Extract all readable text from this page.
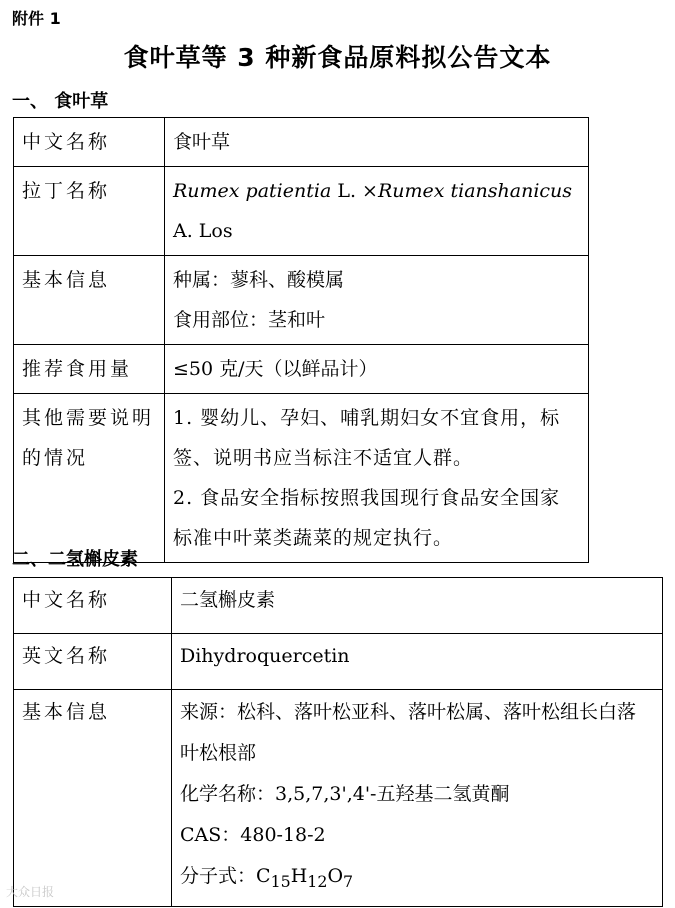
附件 1
食叶草等 3 种新食品原料拟公告文本
一、 食叶草
中文名称	食叶草

拉丁名称	Rumex patientia L. ×Rumex tianshanicus A. Los

基本信息	种属：蓼科、酸模属
食用部位：茎和叶

推荐食用量	≤50 克/天（以鲜品计）

其他需要说明的情况	1. 婴幼儿、孕妇、哺乳期妇女不宜食用，标签、说明书应当标注不适宜人群。
2. 食品安全指标按照我国现行食品安全国家标准中叶菜类蔬菜的规定执行。
二、二氢槲皮素
中文名称	二氢槲皮素

英文名称	Dihydroquercetin

基本信息	来源：松科、落叶松亚科、落叶松属、落叶松组长白落叶松根部
化学名称：3,5,7,3',4'-五羟基二氢黄酮
CAS：480-18-2
分子式：$C_{15}H_{12}O_7$
大众日报
